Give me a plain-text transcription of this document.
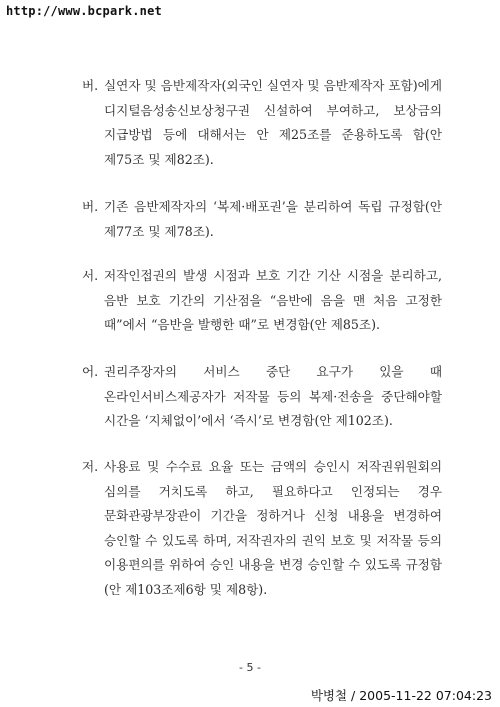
http://www.bcpark.net
버. 실연자 및 음반제작자(외국인 실연자 및 음반제작자 포함)에게 디지털음성송신보상청구권 신설하여 부여하고, 보상금의 지급방법 등에 대해서는 안 제25조를 준용하도록 함(안 제75조 및 제82조).
버. 기존 음반제작자의 ‘복제·배포권’을 분리하여 독립 규정함(안 제77조 및 제78조).
서. 저작인접권의 발생 시점과 보호 기간 기산 시점을 분리하고, 음반 보호 기간의 기산점을 “음반에 음을 맨 처음 고정한 때”에서 “음반을 발행한 때”로 변경함(안 제85조).
어. 권리주장자의 서비스 중단 요구가 있을 때 온라인서비스제공자가 저작물 등의 복제·전송을 중단해야할 시간을 ‘지체없이’에서 ‘즉시’로 변경함(안 제102조).
저. 사용료 및 수수료 요율 또는 금액의 승인시 저작권위원회의 심의를 거치도록 하고, 필요하다고 인정되는 경우 문화관광부장관이 기간을 정하거나 신청 내용을 변경하여 승인할 수 있도록 하며, 저작권자의 권익 보호 및 저작물 등의 이용편의를 위하여 승인 내용을 변경 승인할 수 있도록 규정함(안 제103조제6항 및 제8항).
- 5 -
박병철 / 2005-11-22 07:04:23
